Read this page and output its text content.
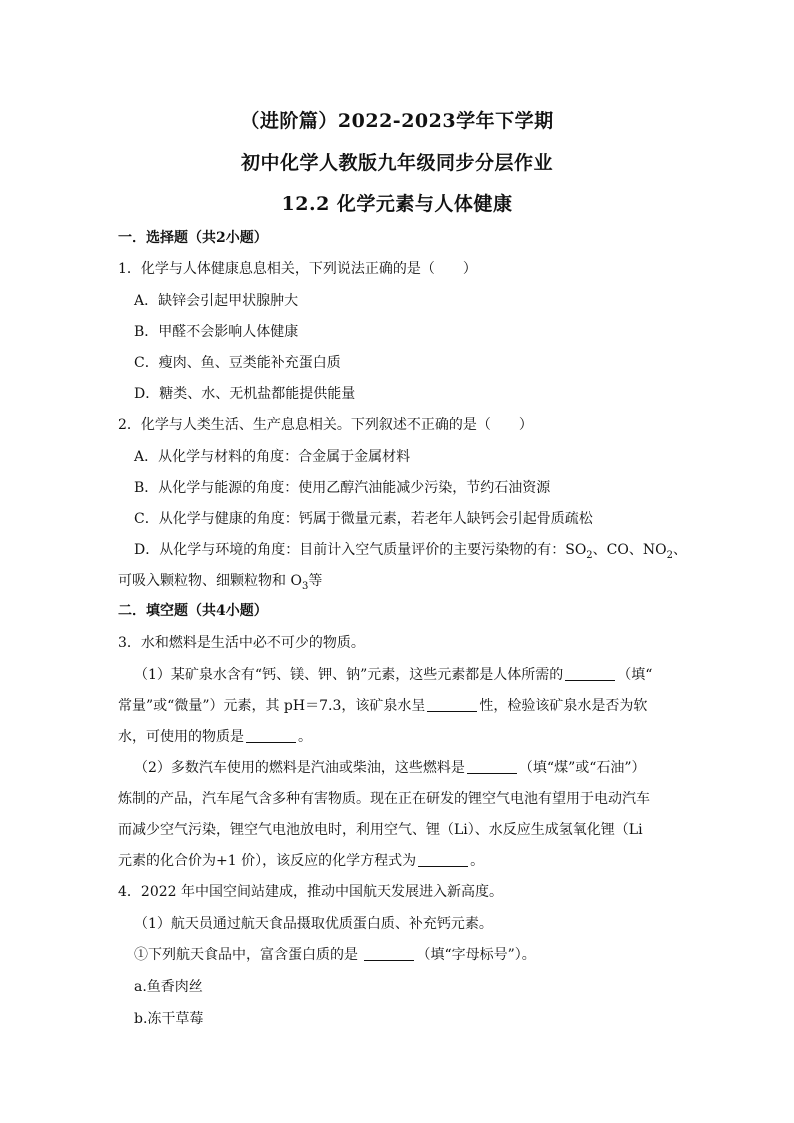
（进阶篇）2022-2023学年下学期
初中化学人教版九年级同步分层作业
12.2 化学元素与人体健康
一．选择题（共2小题）
1．化学与人体健康息息相关，下列说法正确的是（　　）
A．缺锌会引起甲状腺肿大
B．甲醛不会影响人体健康
C．瘦肉、鱼、豆类能补充蛋白质
D．糖类、水、无机盐都能提供能量
2．化学与人类生活、生产息息相关。下列叙述不正确的是（　　）
A．从化学与材料的角度：合金属于金属材料
B．从化学与能源的角度：使用乙醇汽油能减少污染，节约石油资源
C．从化学与健康的角度：钙属于微量元素，若老年人缺钙会引起骨质疏松
D．从化学与环境的角度：目前计入空气质量评价的主要污染物的有：$SO_2$、CO、$NO_2$、
可吸入颗粒物、细颗粒物和 $O_3$等
二．填空题（共4小题）
3．水和燃料是生活中必不可少的物质。
（1）某矿泉水含有“钙、镁、钾、钠”元素，这些元素都是人体所需的	（填“
常量”或“微量”）元素，其 pH＝7.3，该矿泉水呈	性，检验该矿泉水是否为软
水，可使用的物质是	。
（2）多数汽车使用的燃料是汽油或柴油，这些燃料是	（填“煤”或“石油”）
炼制的产品，汽车尾气含多种有害物质。现在正在研发的锂空气电池有望用于电动汽车
而减少空气污染，锂空气电池放电时，利用空气、锂（Li）、水反应生成氢氧化锂（Li
元素的化合价为+1 价），该反应的化学方程式为	。
4．2022 年中国空间站建成，推动中国航天发展进入新高度。
（1）航天员通过航天食品摄取优质蛋白质、补充钙元素。
①下列航天食品中，富含蛋白质的是	（填“字母标号”）。
a.鱼香肉丝
b.冻干草莓
